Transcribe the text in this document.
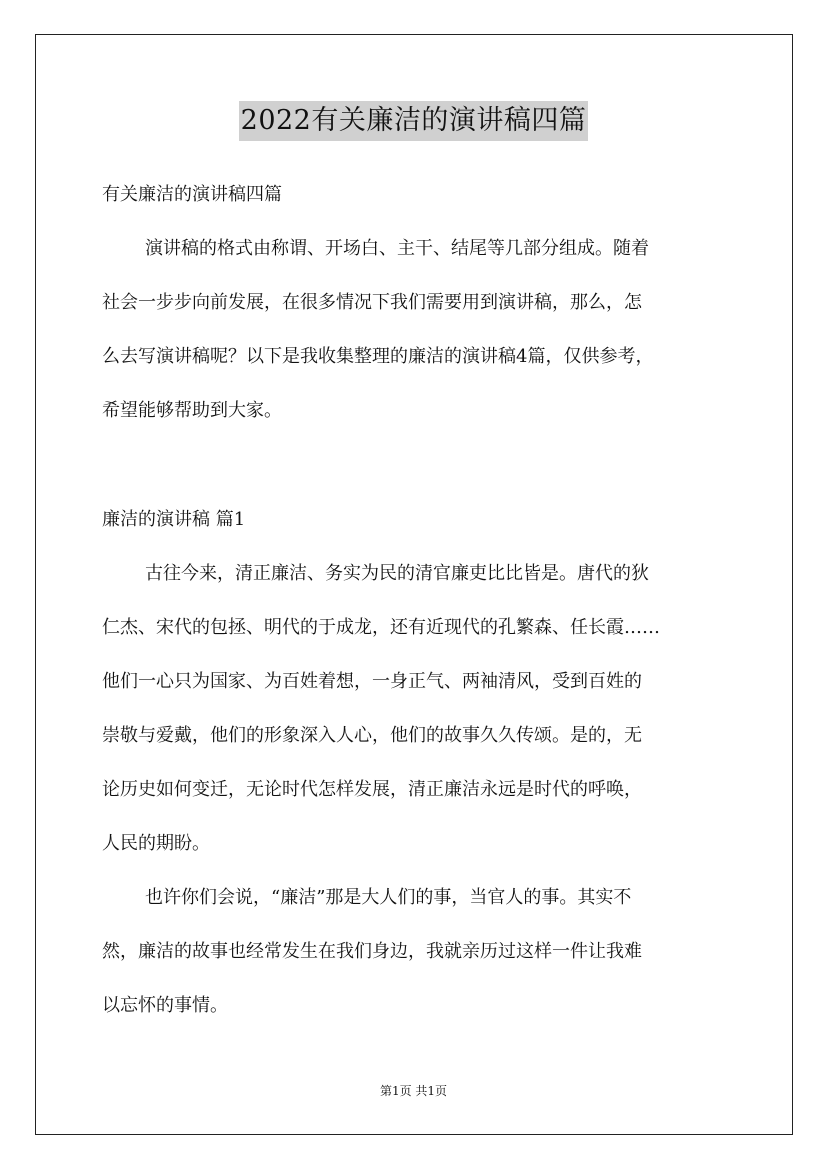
2022有关廉洁的演讲稿四篇
有关廉洁的演讲稿四篇
演讲稿的格式由称谓、开场白、主干、结尾等几部分组成。随着
社会一步步向前发展，在很多情况下我们需要用到演讲稿，那么，怎
么去写演讲稿呢？以下是我收集整理的廉洁的演讲稿4篇，仅供参考，
希望能够帮助到大家。
廉洁的演讲稿 篇1
古往今来，清正廉洁、务实为民的清官廉吏比比皆是。唐代的狄
仁杰、宋代的包拯、明代的于成龙，还有近现代的孔繁森、任长霞……
他们一心只为国家、为百姓着想，一身正气、两袖清风，受到百姓的
崇敬与爱戴，他们的形象深入人心，他们的故事久久传颂。是的，无
论历史如何变迁，无论时代怎样发展，清正廉洁永远是时代的呼唤，
人民的期盼。
也许你们会说，“廉洁”那是大人们的事，当官人的事。其实不
然，廉洁的故事也经常发生在我们身边，我就亲历过这样一件让我难
以忘怀的事情。
第1页 共1页
